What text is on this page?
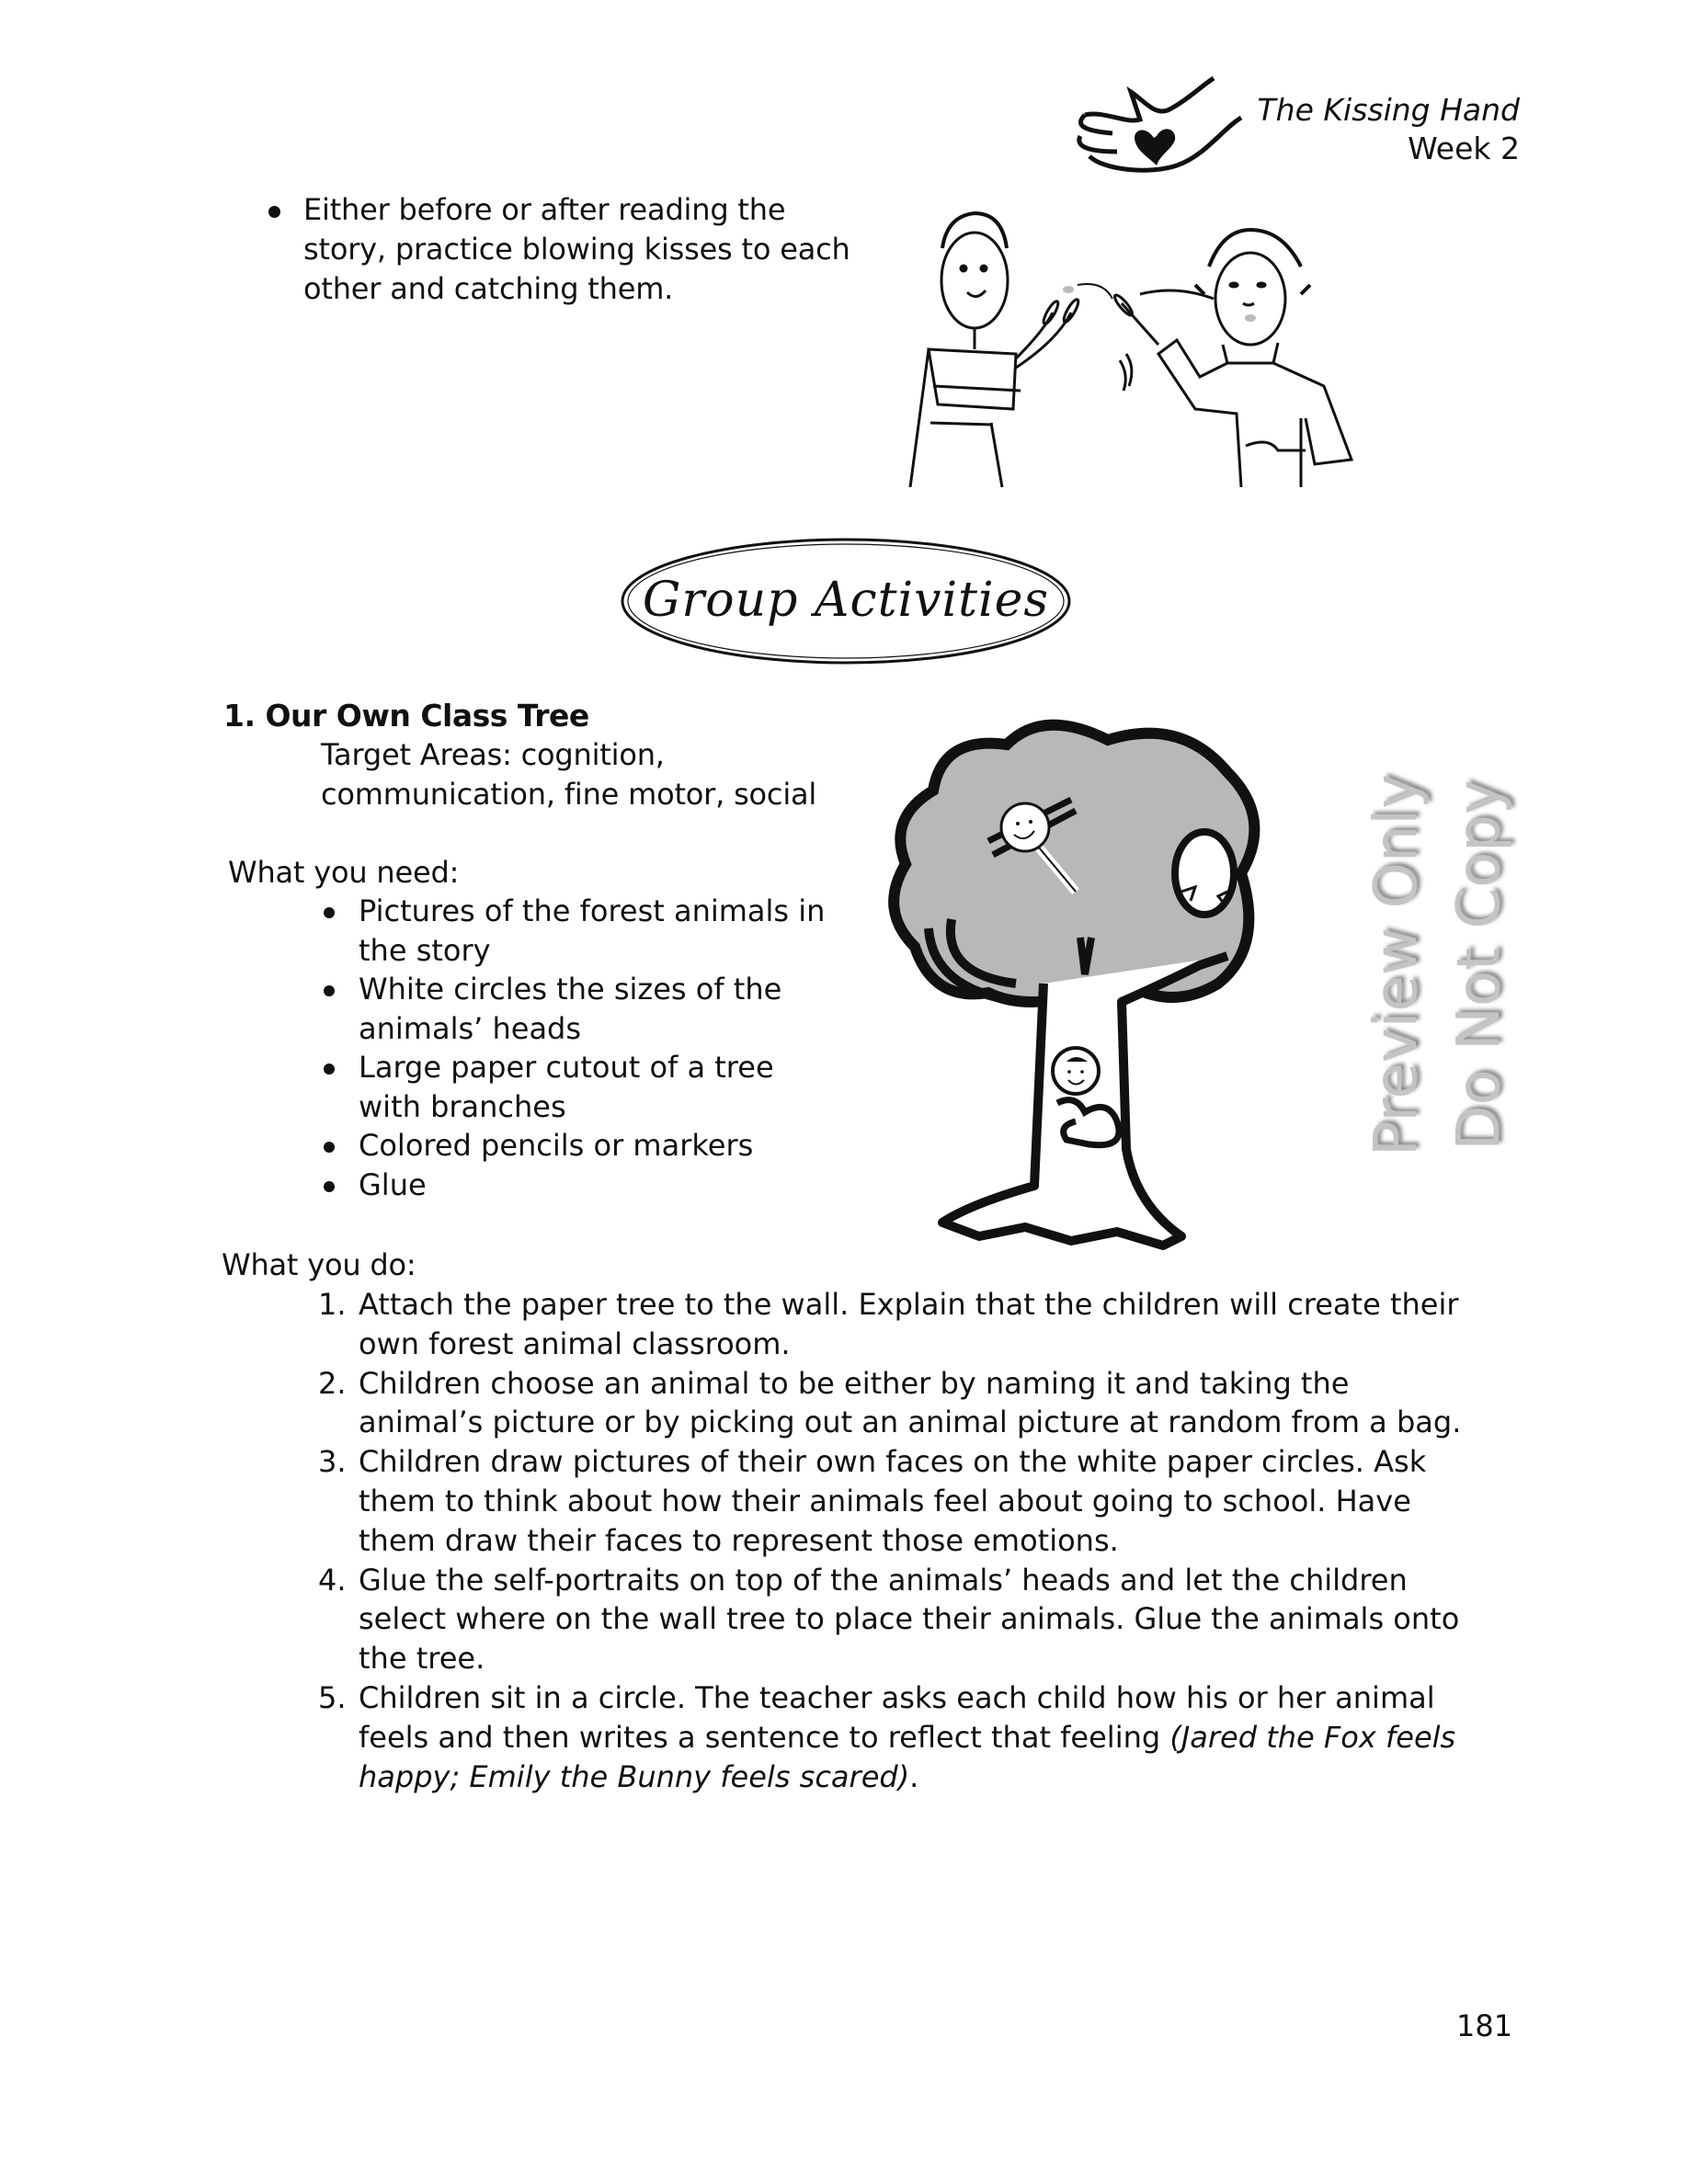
The Kissing Hand
Week 2
Either before or after reading the story, practice blowing kisses to each other and catching them.
Group Activities
1. Our Own Class Tree
Target Areas: cognition, communication, fine motor, social
What you need:
Pictures of the forest animals in the story
White circles the sizes of the animals’ heads
Large paper cutout of a tree with branches
Colored pencils or markers
Glue
What you do:
1. Attach the paper tree to the wall. Explain that the children will create their own forest animal classroom.
2. Children choose an animal to be either by naming it and taking the animal’s picture or by picking out an animal picture at random from a bag.
3. Children draw pictures of their own faces on the white paper circles. Ask them to think about how their animals feel about going to school. Have them draw their faces to represent those emotions.
4. Glue the self-portraits on top of the animals’ heads and let the children select where on the wall tree to place their animals. Glue the animals onto the tree.
5. Children sit in a circle. The teacher asks each child how his or her animal feels and then writes a sentence to reflect that feeling (Jared the Fox feels happy; Emily the Bunny feels scared).
181
Preview Only Do Not Copy
